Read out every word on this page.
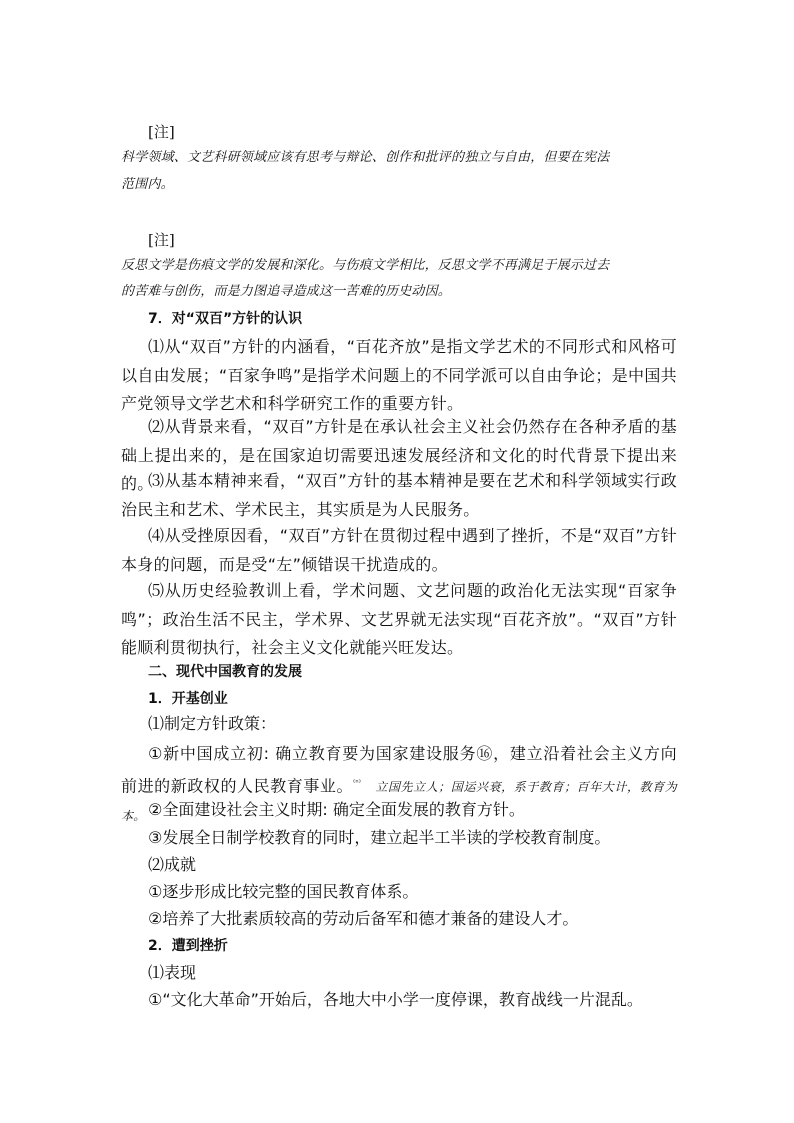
[注]
科学领域、文艺科研领域应该有思考与辩论、创作和批评的独立与自由，但要在宪法
范围内。
[注]
反思文学是伤痕文学的发展和深化。与伤痕文学相比，反思文学不再满足于展示过去
的苦难与创伤，而是力图追寻造成这一苦难的历史动因。
7．对“双百”方针的认识
⑴从“双百”方针的内涵看，“百花齐放”是指文学艺术的不同形式和风格可以自由发展；“百家争鸣”是指学术问题上的不同学派可以自由争论；是中国共产党领导文学艺术和科学研究工作的重要方针。
⑵从背景来看，“双百”方针是在承认社会主义社会仍然存在各种矛盾的基础上提出来的，是在国家迫切需要迅速发展经济和文化的时代背景下提出来的。
⑶从基本精神来看，“双百”方针的基本精神是要在艺术和科学领域实行政治民主和艺术、学术民主，其实质是为人民服务。
⑷从受挫原因看，“双百”方针在贯彻过程中遇到了挫折，不是“双百”方针本身的问题，而是受“左”倾错误干扰造成的。
⑸从历史经验教训上看，学术问题、文艺问题的政治化无法实现“百家争鸣”；政治生活不民主，学术界、文艺界就无法实现“百花齐放”。“双百”方针能顺利贯彻执行，社会主义文化就能兴旺发达。
二、现代中国教育的发展
1．开基创业
⑴制定方针政策：
①新中国成立初: 确立教育要为国家建设服务⑯，建立沿着社会主义方向前进的新政权的人民教育事业。$^{^{(n)}}$ 立国先立人；国运兴衰，系于教育；百年大计，教育为本。 ②全面建设社会主义时期: 确定全面发展的教育方针。
③发展全日制学校教育的同时，建立起半工半读的学校教育制度。
⑵成就
①逐步形成比较完整的国民教育体系。
②培养了大批素质较高的劳动后备军和德才兼备的建设人才。
2．遭到挫折
⑴表现
①“文化大革命”开始后，各地大中小学一度停课，教育战线一片混乱。
